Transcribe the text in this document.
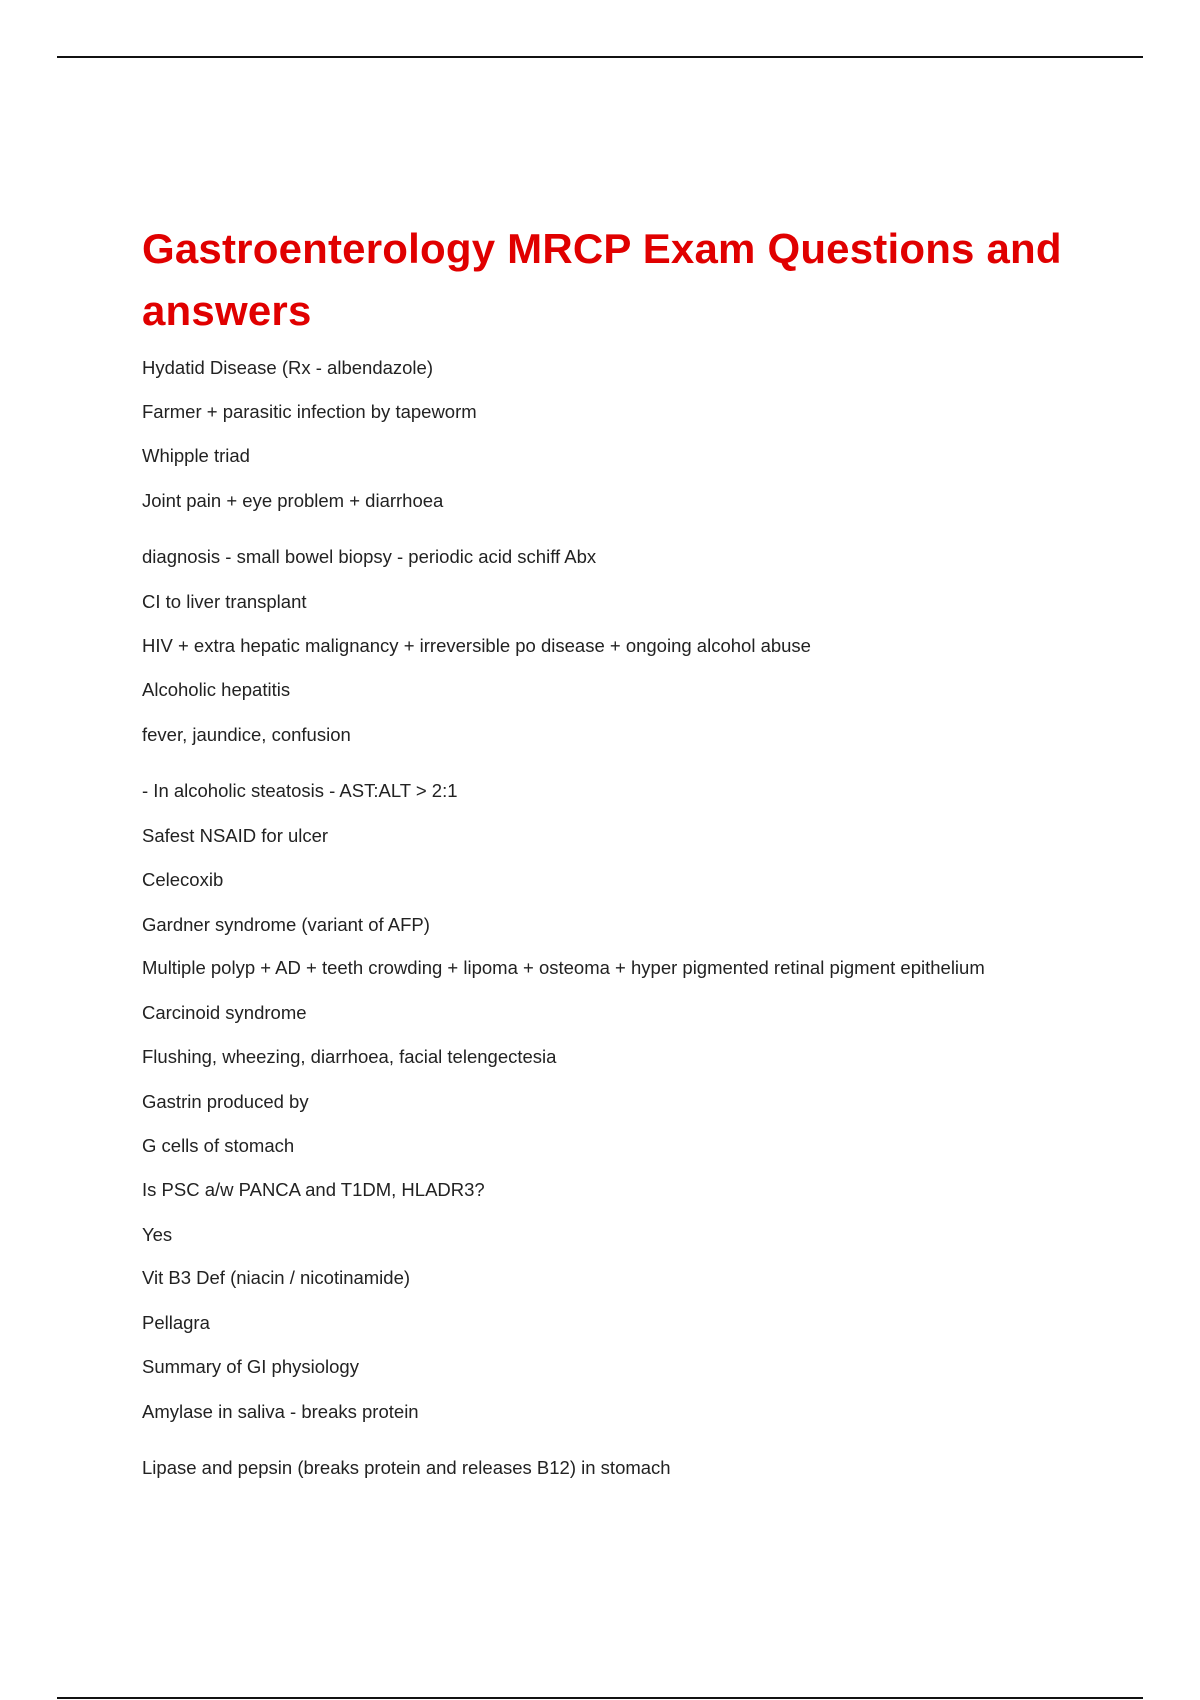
Gastroenterology MRCP Exam Questions and answers

Hydatid Disease (Rx - albendazole)

Farmer + parasitic infection by tapeworm

Whipple triad

Joint pain + eye problem + diarrhoea

diagnosis - small bowel biopsy - periodic acid schiff Abx

CI to liver transplant

HIV + extra hepatic malignancy + irreversible po disease + ongoing alcohol abuse

Alcoholic hepatitis

fever, jaundice, confusion

- In alcoholic steatosis - AST:ALT > 2:1

Safest NSAID for ulcer

Celecoxib

Gardner syndrome (variant of AFP)

Multiple polyp + AD + teeth crowding + lipoma + osteoma + hyper pigmented retinal pigment epithelium

Carcinoid syndrome

Flushing, wheezing, diarrhoea, facial telengectesia

Gastrin produced by

G cells of stomach

Is PSC a/w PANCA and T1DM, HLADR3?

Yes

Vit B3 Def (niacin / nicotinamide)

Pellagra

Summary of GI physiology

Amylase in saliva - breaks protein

Lipase and pepsin (breaks protein and releases B12) in stomach
